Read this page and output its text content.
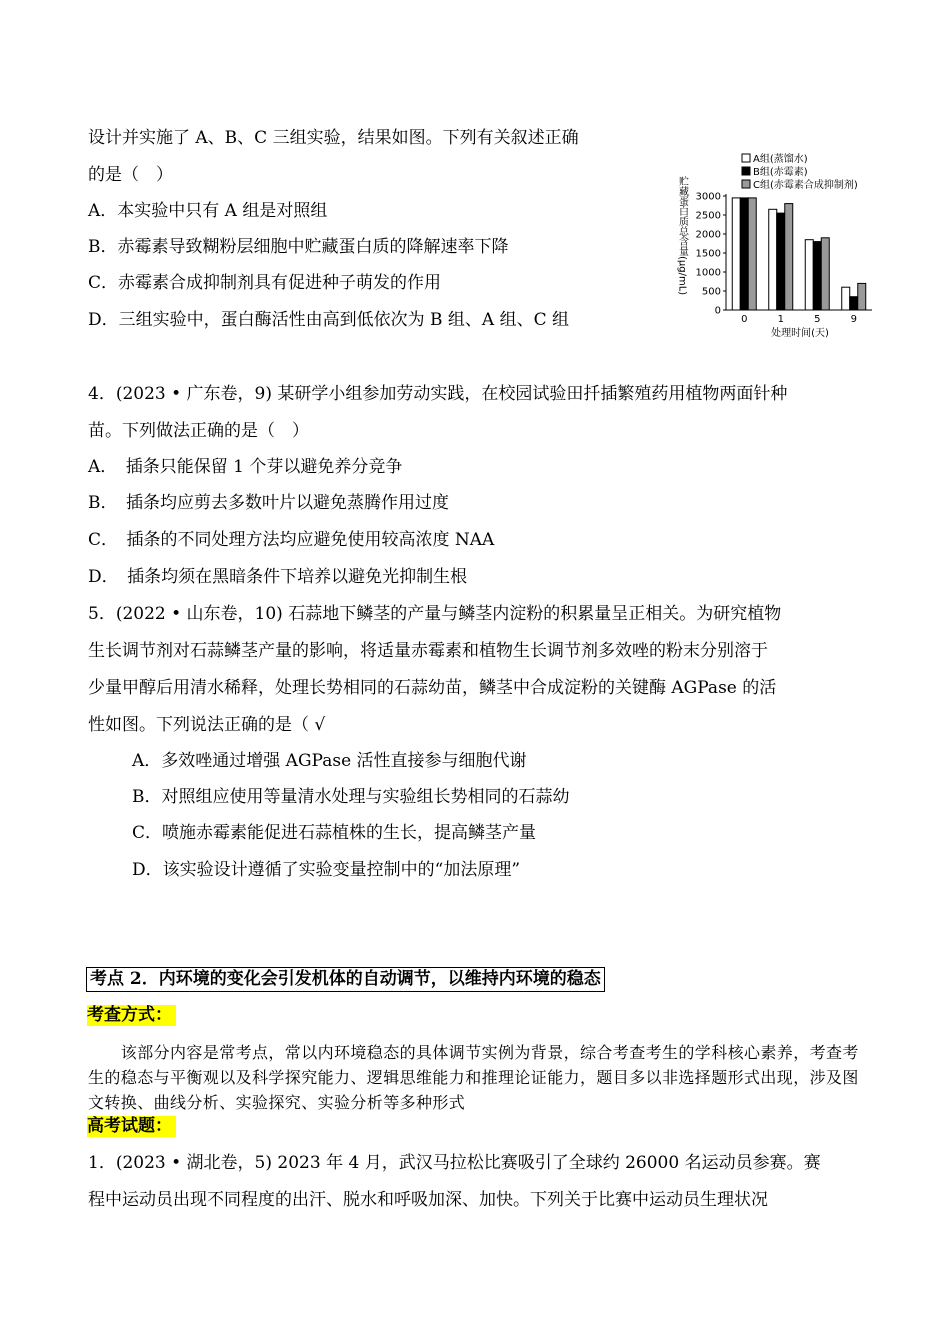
设计并实施了 A、B、C 三组实验，结果如图。下列有关叙述正确
的是（　）
A．本实验中只有 A 组是对照组
B．赤霉素导致糊粉层细胞中贮藏蛋白质的降解速率下降
C．赤霉素合成抑制剂具有促进种子萌发的作用
D．三组实验中，蛋白酶活性由高到低依次为 B 组、A 组、C 组
A组(蒸馏水)
B组(赤霉素)
C组(赤霉素合成抑制剂)
贮藏蛋白质总含量(μg/mL)
0
500
1000
1500
2000
2500
3000
0	1	5	9
处理时间(天)
4．(2023 • 广东卷，9) 某研学小组参加劳动实践，在校园试验田扦插繁殖药用植物两面针种
苗。下列做法正确的是（　）
A．　插条只能保留 1 个芽以避免养分竞争
B．　插条均应剪去多数叶片以避免蒸腾作用过度
C．　插条的不同处理方法均应避免使用较高浓度 NAA
D．　插条均须在黑暗条件下培养以避免光抑制生根
5．(2022 • 山东卷，10) 石蒜地下鳞茎的产量与鳞茎内淀粉的积累量呈正相关。为研究植物
生长调节剂对石蒜鳞茎产量的影响，将适量赤霉素和植物生长调节剂多效唑的粉末分别溶于
少量甲醇后用清水稀释，处理长势相同的石蒜幼苗，鳞茎中合成淀粉的关键酶 AGPase 的活
性如图。下列说法正确的是（ √
A．多效唑通过增强 AGPase 活性直接参与细胞代谢
B．对照组应使用等量清水处理与实验组长势相同的石蒜幼
C．喷施赤霉素能促进石蒜植株的生长，提高鳞茎产量
D．该实验设计遵循了实验变量控制中的“加法原理”
考点 2．内环境的变化会引发机体的自动调节，以维持内环境的稳态
考查方式：
　　该部分内容是常考点，常以内环境稳态的具体调节实例为背景，综合考查考生的学科核心素养，考查考生的稳态与平衡观以及科学探究能力、逻辑思维能力和推理论证能力，题目多以非选择题形式出现，涉及图文转换、曲线分析、实验探究、实验分析等多种形式
高考试题：
1．(2023 • 湖北卷，5) 2023 年 4 月，武汉马拉松比赛吸引了全球约 26000 名运动员参赛。赛
程中运动员出现不同程度的出汗、脱水和呼吸加深、加快。下列关于比赛中运动员生理状况
